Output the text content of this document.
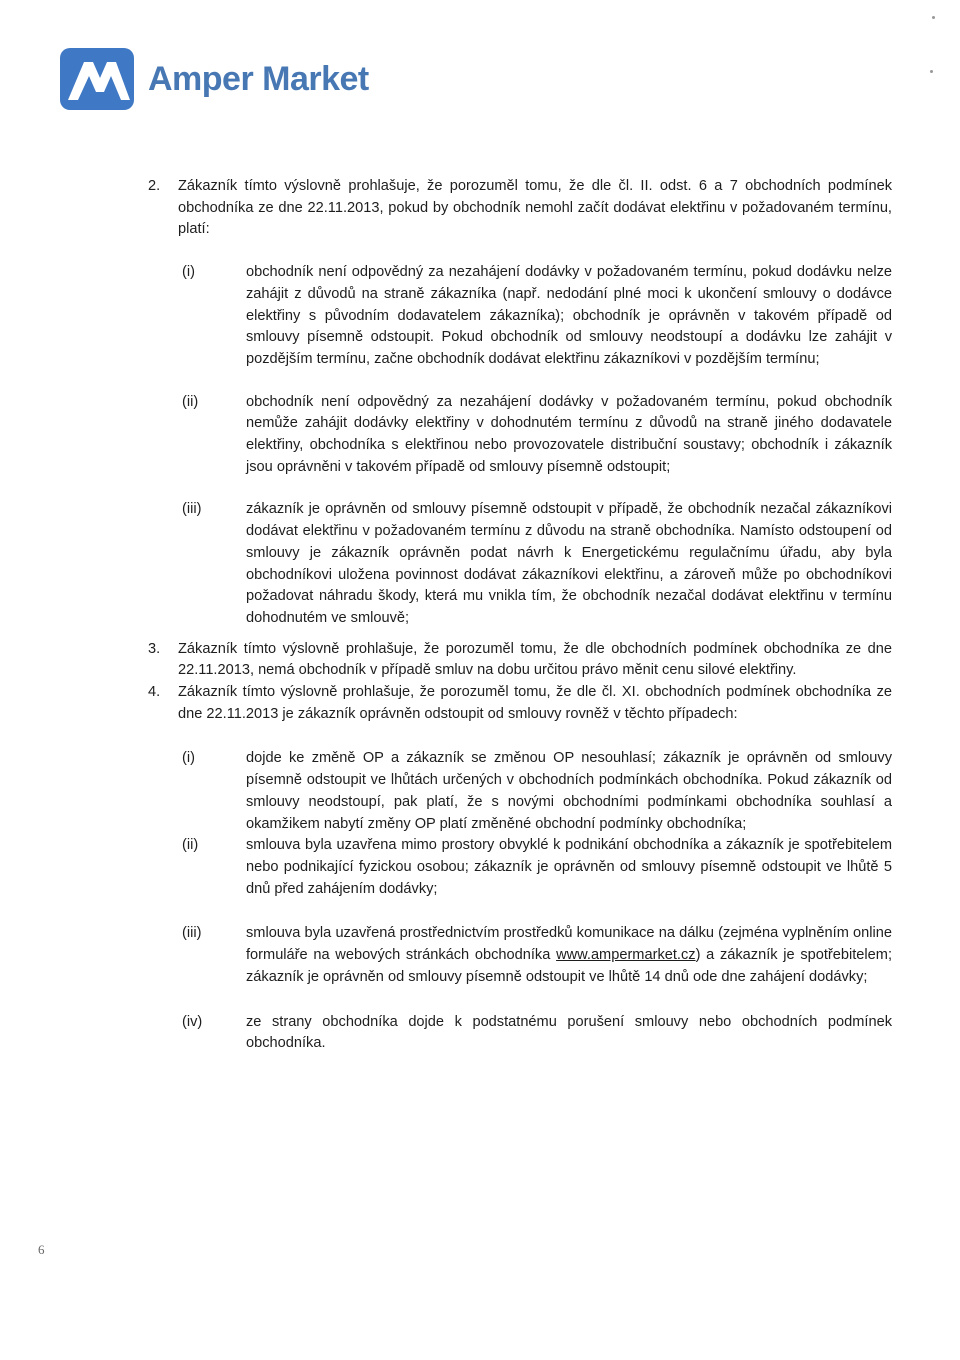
Amper Market
2.	Zákazník tímto výslovně prohlašuje, že porozuměl tomu, že dle čl. II. odst. 6 a 7 obchodních podmínek obchodníka ze dne 22.11.2013, pokud by obchodník nemohl začít dodávat elektřinu v požadovaném termínu, platí:
(i)	obchodník není odpovědný za nezahájení dodávky v požadovaném termínu, pokud dodávku nelze zahájit z důvodů na straně zákazníka (např. nedodání plné moci k ukončení smlouvy o dodávce elektřiny s původním dodavatelem zákazníka); obchodník je oprávněn v takovém případě od smlouvy písemně odstoupit. Pokud obchodník od smlouvy neodstoupí a dodávku lze zahájit v pozdějším termínu, začne obchodník dodávat elektřinu zákazníkovi v pozdějším termínu;
(ii)	obchodník není odpovědný za nezahájení dodávky v požadovaném termínu, pokud obchodník nemůže zahájit dodávky elektřiny v dohodnutém termínu z důvodů na straně jiného dodavatele elektřiny, obchodníka s elektřinou nebo provozovatele distribuční soustavy; obchodník i zákazník jsou oprávněni v takovém případě od smlouvy písemně odstoupit;
(iii)	zákazník je oprávněn od smlouvy písemně odstoupit v případě, že obchodník nezačal zákazníkovi dodávat elektřinu v požadovaném termínu z důvodu na straně obchodníka. Namísto odstoupení od smlouvy je zákazník oprávněn podat návrh k Energetickému regulačnímu úřadu, aby byla obchodníkovi uložena povinnost dodávat zákazníkovi elektřinu, a zároveň může po obchodníkovi požadovat náhradu škody, která mu vnikla tím, že obchodník nezačal dodávat elektřinu v termínu dohodnutém ve smlouvě;
3.	Zákazník tímto výslovně prohlašuje, že porozuměl tomu, že dle obchodních podmínek obchodníka ze dne 22.11.2013, nemá obchodník v případě smluv na dobu určitou právo měnit cenu silové elektřiny.
4.	Zákazník tímto výslovně prohlašuje, že porozuměl tomu, že dle čl. XI. obchodních podmínek obchodníka ze dne 22.11.2013 je zákazník oprávněn odstoupit od smlouvy rovněž v těchto případech:
(i)	dojde ke změně OP a zákazník se změnou OP nesouhlasí; zákazník je oprávněn od smlouvy písemně odstoupit ve lhůtách určených v obchodních podmínkách obchodníka. Pokud zákazník od smlouvy neodstoupí, pak platí, že s novými obchodními podmínkami obchodníka souhlasí a okamžikem nabytí změny OP platí změněné obchodní podmínky obchodníka;
(ii)	smlouva byla uzavřena mimo prostory obvyklé k podnikání obchodníka a zákazník je spotřebitelem nebo podnikající fyzickou osobou; zákazník je oprávněn od smlouvy písemně odstoupit ve lhůtě 5 dnů před zahájením dodávky;
(iii)	smlouva byla uzavřená prostřednictvím prostředků komunikace na dálku (zejména vyplněním online formuláře na webových stránkách obchodníka www.ampermarket.cz) a zákazník je spotřebitelem; zákazník je oprávněn od smlouvy písemně odstoupit ve lhůtě 14 dnů ode dne zahájení dodávky;
(iv)	ze strany obchodníka dojde k podstatnému porušení smlouvy nebo obchodních podmínek obchodníka.
6
